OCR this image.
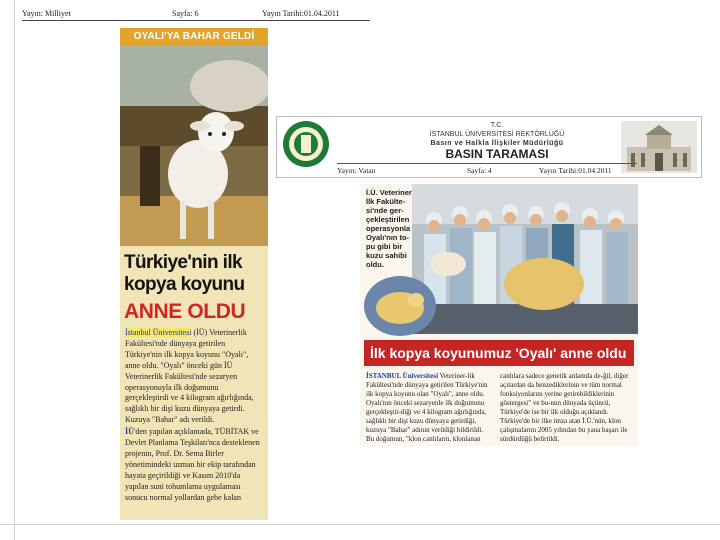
Yayın: Milliyet	Sayfa: 6	Yayın Tarihi:01.04.2011
OYALI'YA BAHAR GELDİ
Türkiye'nin ilk
kopya koyunu
ANNE OLDU

İstanbul Üniversitesi (İÜ) Veterinerlik Fakültesi'nde dünyaya getirilen Türkiye'nin ilk kopya koyunu "Oyalı", anne oldu. "Oyalı" önceki gün İÜ Veterinerlik Fakültesi'nde sezaryen operasyonuyla ilk doğumunu gerçekleştirdi ve 4 kilogram ağırlığında, sağlıklı bir dişi kuzu dünyaya getirdi. Kuzuya "Bahar" adı verildi.

İÜ'den yapılan açıklamada, TÜBİTAK ve Devlet Planlama Teşkilatı'nca desteklenen projenin, Prof. Dr. Sema Birler yönetimindeki uzman bir ekip tarafından hayata geçirildiği ve Kasım 2010'da yapılan suni tohumlama uygulaması sonucu normal yollardan gebe kalan

T.C.
İSTANBUL ÜNİVERSİTESİ REKTÖRLÜĞÜ
Basın ve Halkla İlişkiler Müdürlüğü
BASIN TARAMASI
Yayın: Vatan	Sayfa: 4	Yayın Tarihi:01.04.2011
İ.Ü. Veteriner İlk Fakülte-si'nde ger-çekleştirilen operasyonla Oyalı'nın to-pu gibi bir kuzu sahibi oldu.
İlk kopya koyunumuz 'Oyalı' anne oldu
İSTANBUL Üniversitesi Veteriner-lik Fakültesi'nde dünyaya getirilen Türkiye'nin ilk kopya koyunu olan "Oyalı", anne oldu. Oyalı'nın önceki sezaryenle ilk doğumunu gerçekleştir-diği ve 4 kilogram ağırlığında, sağlıklı bir dişi kuzu dünyaya getirdiği, kuzuya "Bahar" adının verildiği bildirildi. Bu doğumun, "klon canlıların, klonlanan
canlılara sadece genetik anlamda de-ğil, diğer açılardan da benzediklerinin ve tüm normal fonksiyonlarını yerine getirebildiklerinin göstergesi" ve bu-nun dünyada üçüncü, Türkiye'de ise bir ilk olduğu açıklandı. Türkiye'de bir ilke imza atan İ.Ü.'nün, klon çalışmalarını 2005 yılından bu yana başarı ile sürdürdüğü belirtildi.
